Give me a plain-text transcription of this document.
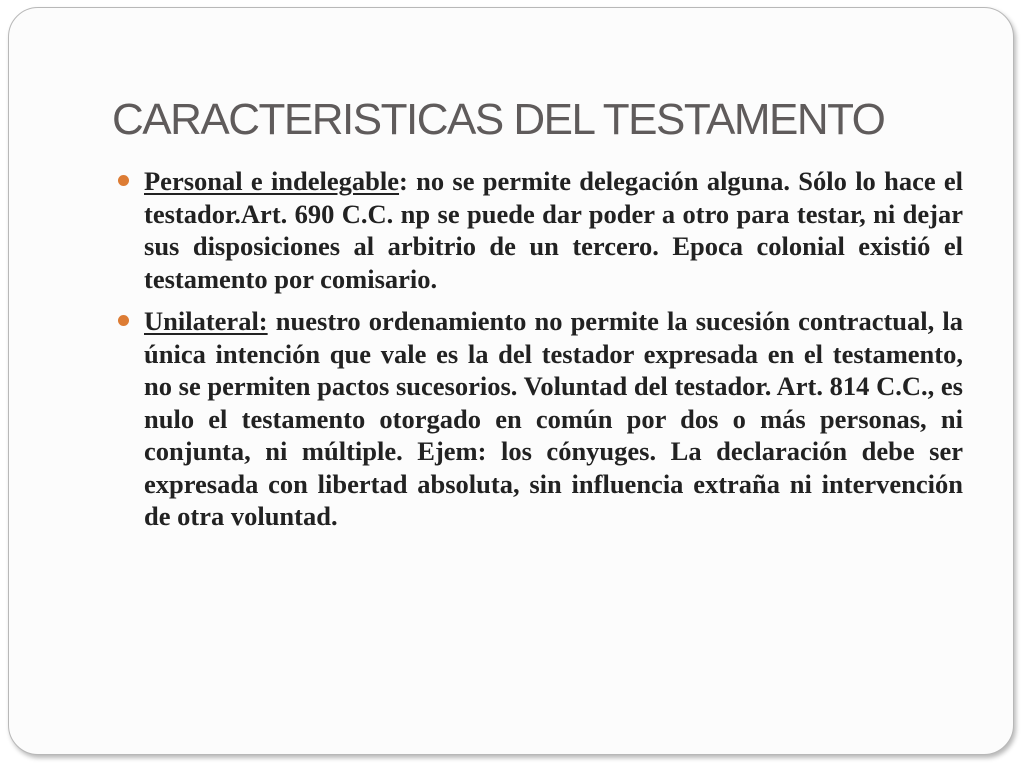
CARACTERISTICAS DEL TESTAMENTO

Personal e indelegable: no se permite delegación alguna. Sólo lo hace el testador.Art. 690 C.C. np se puede dar poder a otro para testar, ni dejar sus disposiciones al arbitrio de un tercero. Epoca colonial existió el testamento por comisario.

Unilateral: nuestro ordenamiento no permite la sucesión contractual, la única intención que vale es la del testador expresada en el testamento, no se permiten pactos sucesorios. Voluntad del testador. Art. 814 C.C., es nulo el testamento otorgado en común por dos o más personas, ni conjunta, ni múltiple. Ejem: los cónyuges. La declaración debe ser expresada con libertad absoluta, sin influencia extraña ni intervención de otra voluntad.
